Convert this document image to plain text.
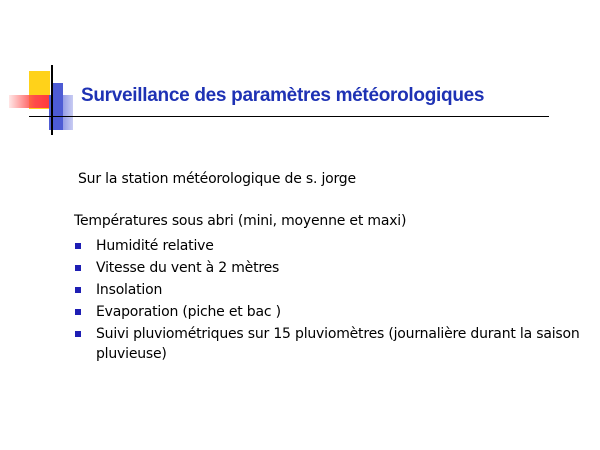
Surveillance des paramètres météorologiques
Sur la station météorologique de s. jorge
Températures sous abri (mini, moyenne et maxi)
Humidité relative
Vitesse du vent à 2 mètres
Insolation
Evaporation (piche et bac )
Suivi pluviométriques sur 15 pluviomètres (journalière durant la saison pluvieuse)
